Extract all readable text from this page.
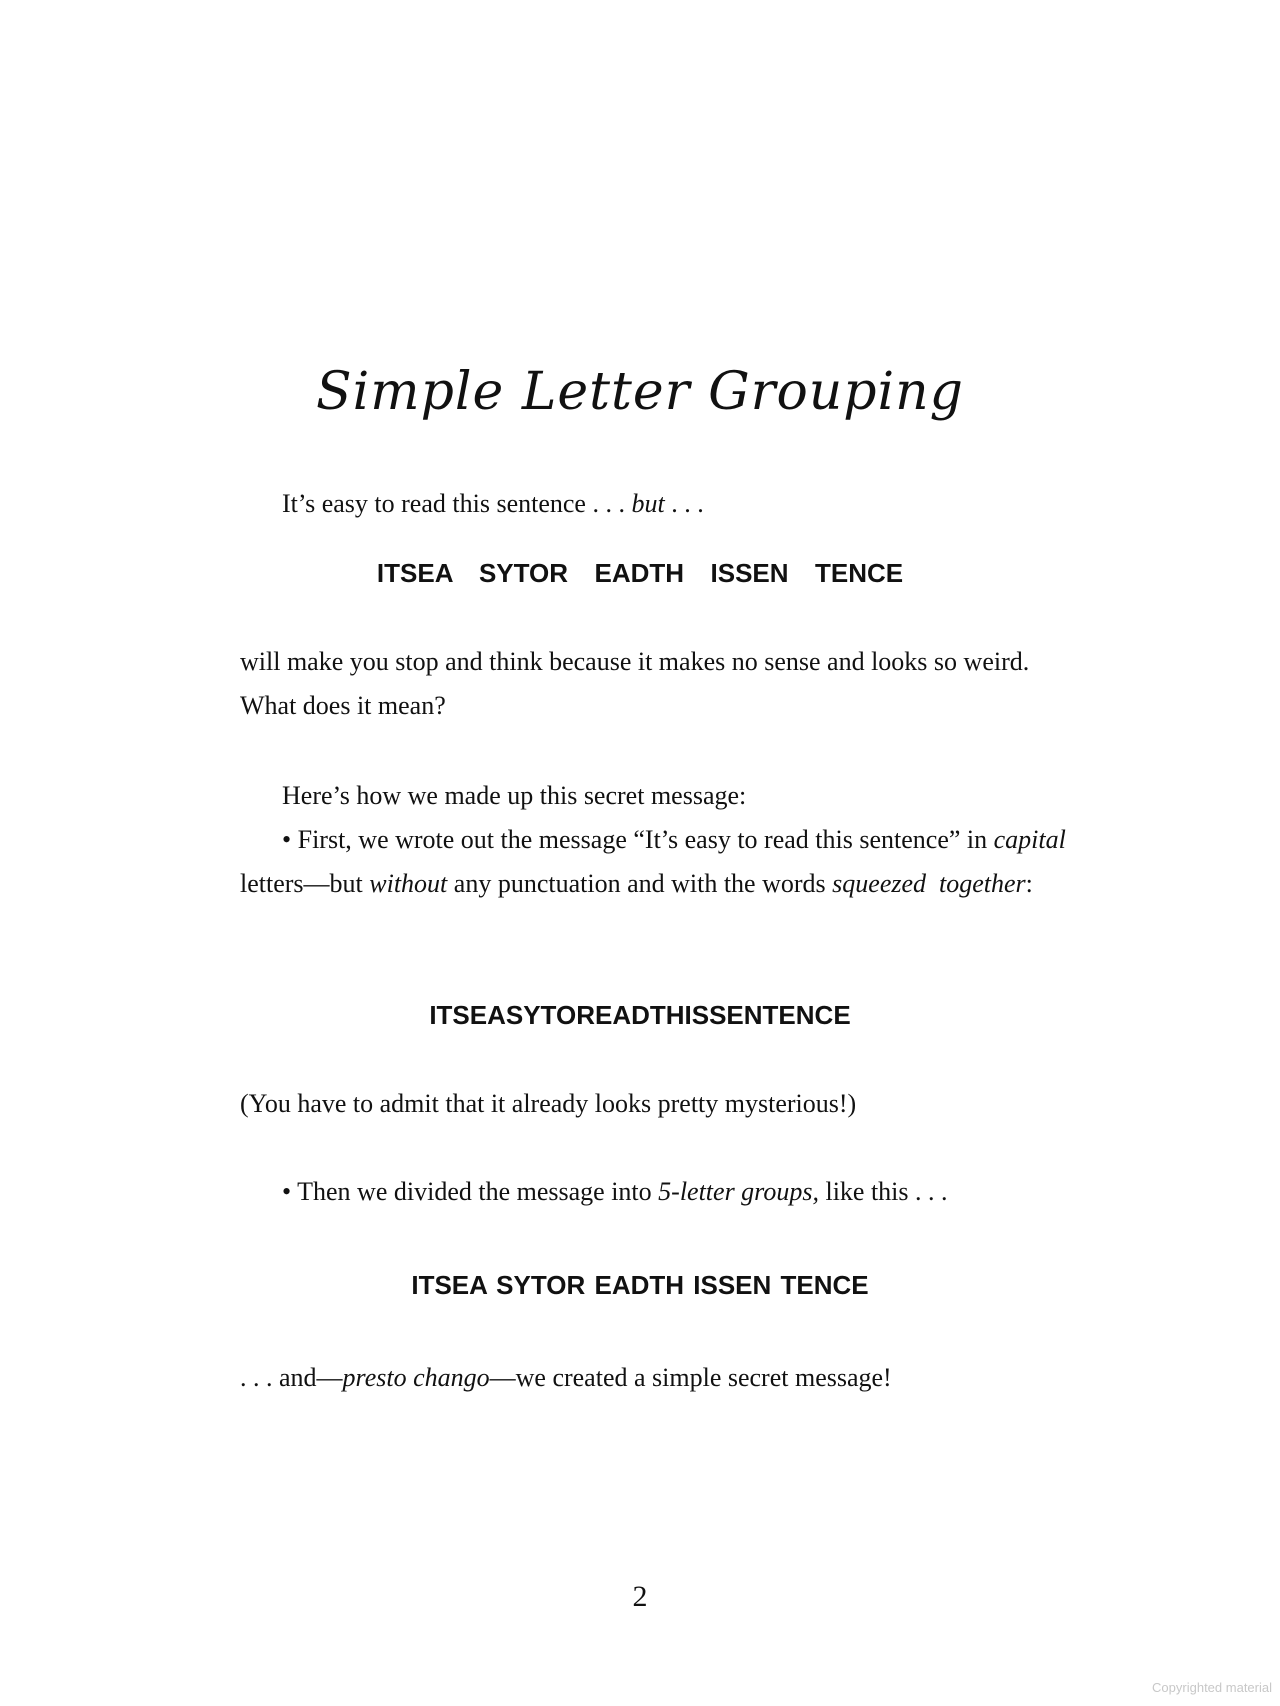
Simple Letter Grouping

It’s easy to read this sentence . . . but . . .

ITSEA  SYTOR  EADTH  ISSEN  TENCE

will make you stop and think because it makes no sense and looks so weird. What does it mean?

Here’s how we made up this secret message:

• First, we wrote out the message “It’s easy to read this sentence” in capital letters—but without any punctuation and with the words squeezed  together:

ITSEASYTOREADTHISSENTENCE

(You have to admit that it already looks pretty mysterious!)

• Then we divided the message into 5-letter groups, like this . . .

ITSEA SYTOR EADTH ISSEN TENCE

. . . and—presto chango—we created a simple secret message!

2

Copyrighted material
